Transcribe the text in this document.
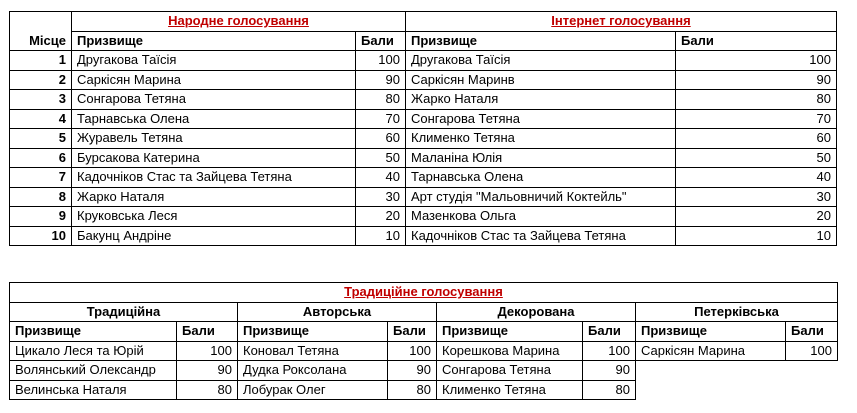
	Народне голосування		Інтернет голосування	
Місце	Призвище	Бали	Призвище	Бали
1	Другакова Таїсія	100	Другакова Таїсія	100
2	Саркісян Марина	90	Саркісян Маринв	90
3	Сонгарова Тетяна	80	Жарко Наталя	80
4	Тарнавська Олена	70	Сонгарова Тетяна	70
5	Журавель Тетяна	60	Клименко Тетяна	60
6	Бурсакова Катерина	50	Маланіна Юлія	50
7	Кадочніков Стас та Зайцева Тетяна	40	Тарнавська Олена	40
8	Жарко Наталя	30	Арт студія "Мальовничий Коктейль"	30
9	Круковська Леся	20	Мазенкова Ольга	20
10	Бакунц Андріне	10	Кадочніков Стас та Зайцева Тетяна	10
Традиційне голосування							
Традиційна		Авторська		Декорована		Петерківська	
Призвище	Бали	Призвище	Бали	Призвище	Бали	Призвище	Бали
Цикало Леся та Юрій	100	Коновал Тетяна	100	Корешкова Марина	100	Саркісян Марина	100
Волянський Олександр	90	Дудка Роксолана	90	Сонгарова Тетяна	90		
Велинська Наталя	80	Лобурак Олег	80	Клименко Тетяна	80		
